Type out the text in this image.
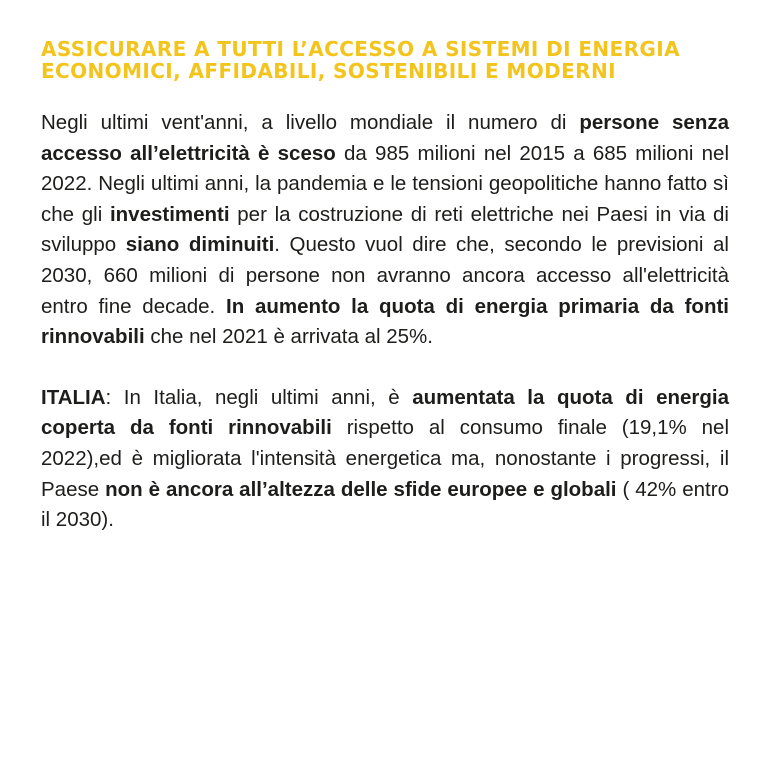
ASSICURARE A TUTTI L’ACCESSO A SISTEMI DI ENERGIA ECONOMICI, AFFIDABILI, SOSTENIBILI E MODERNI

Negli ultimi vent'anni, a livello mondiale il numero di persone senza accesso all’elettricità è sceso da 985 milioni nel 2015 a 685 milioni nel 2022. Negli ultimi anni, la pandemia e le tensioni geopolitiche hanno fatto sì che gli investimenti per la costruzione di reti elettriche nei Paesi in via di sviluppo siano diminuiti. Questo vuol dire che, secondo le previsioni al 2030, 660 milioni di persone non avranno ancora accesso all'elettricità entro fine decade. In aumento la quota di energia primaria da fonti rinnovabili che nel 2021 è arrivata al 25%.

ITALIA: In Italia, negli ultimi anni, è aumentata la quota di energia coperta da fonti rinnovabili rispetto al consumo finale (19,1% nel 2022),ed è migliorata l'intensità energetica ma, nonostante i progressi, il Paese non è ancora all’altezza delle sfide europee e globali ( 42% entro il 2030).
